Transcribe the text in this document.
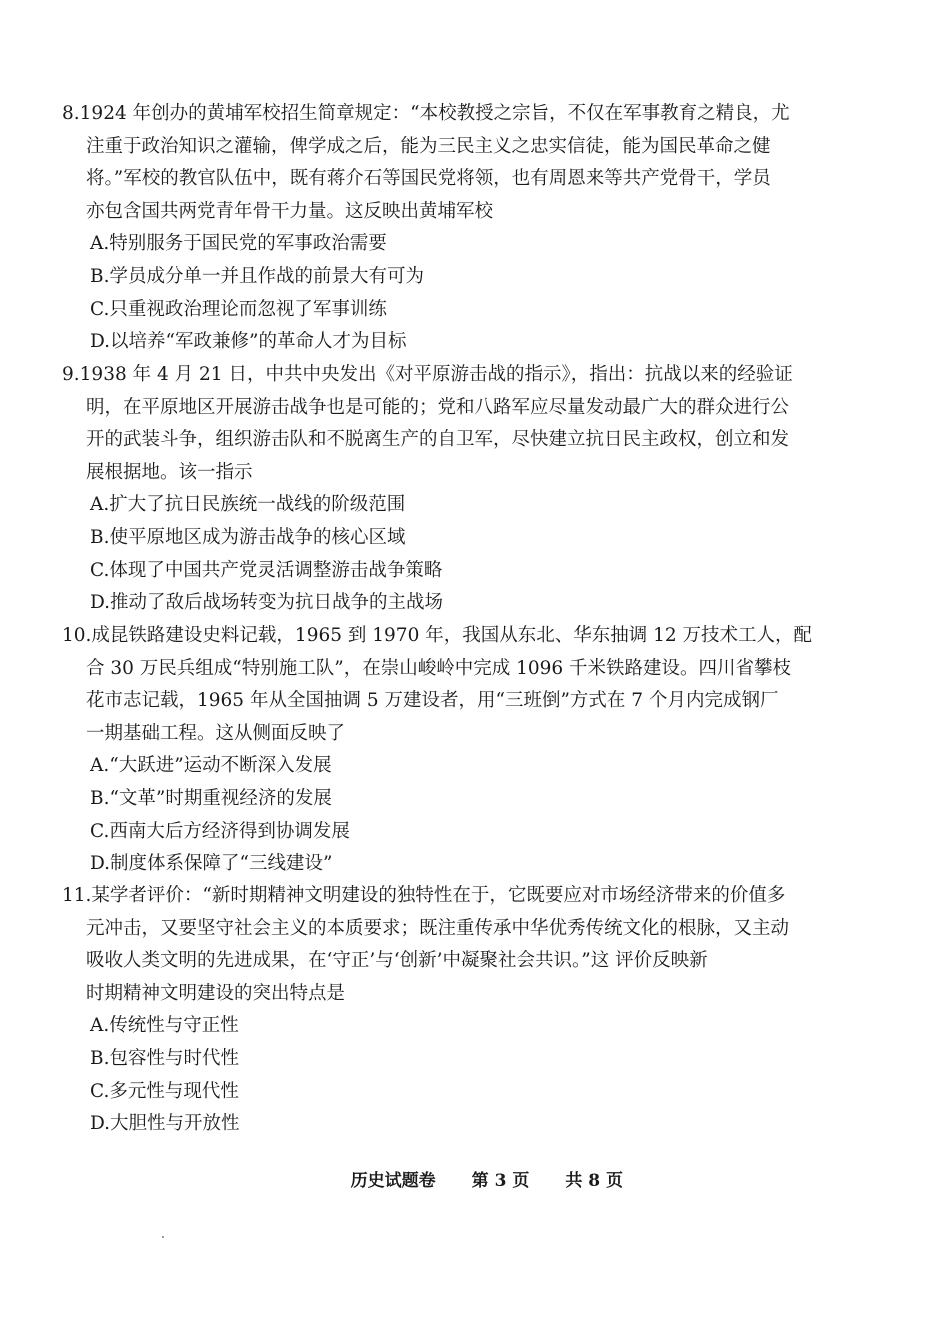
8.1924 年创办的黄埔军校招生简章规定：“本校教授之宗旨，不仅在军事教育之精良，尤
注重于政治知识之灌输，俾学成之后，能为三民主义之忠实信徒，能为国民革命之健
将。”军校的教官队伍中，既有蒋介石等国民党将领，也有周恩来等共产党骨干，学员
亦包含国共两党青年骨干力量。这反映出黄埔军校
A.特别服务于国民党的军事政治需要
B.学员成分单一并且作战的前景大有可为
C.只重视政治理论而忽视了军事训练
D.以培养“军政兼修”的革命人才为目标
9.1938 年 4 月 21 日，中共中央发出《对平原游击战的指示》，指出：抗战以来的经验证
明，在平原地区开展游击战争也是可能的；党和八路军应尽量发动最广大的群众进行公
开的武装斗争，组织游击队和不脱离生产的自卫军，尽快建立抗日民主政权，创立和发
展根据地。该一指示
A.扩大了抗日民族统一战线的阶级范围
B.使平原地区成为游击战争的核心区域
C.体现了中国共产党灵活调整游击战争策略
D.推动了敌后战场转变为抗日战争的主战场
10.成昆铁路建设史料记载，1965 到 1970 年，我国从东北、华东抽调 12 万技术工人，配
合 30 万民兵组成“特别施工队”，在崇山峻岭中完成 1096 千米铁路建设。四川省攀枝
花市志记载，1965 年从全国抽调 5 万建设者，用“三班倒”方式在 7 个月内完成钢厂
一期基础工程。这从侧面反映了
A.“大跃进”运动不断深入发展
B.“文革”时期重视经济的发展
C.西南大后方经济得到协调发展
D.制度体系保障了“三线建设”
11.某学者评价：“新时期精神文明建设的独特性在于，它既要应对市场经济带来的价值多
元冲击，又要坚守社会主义的本质要求；既注重传承中华优秀传统文化的根脉，又主动
吸收人类文明的先进成果，在‘守正’与‘创新’中凝聚社会共识。”这 评价反映新
时期精神文明建设的突出特点是
A.传统性与守正性
B.包容性与时代性
C.多元性与现代性
D.大胆性与开放性

历史试题卷 第 3 页 共 8 页
